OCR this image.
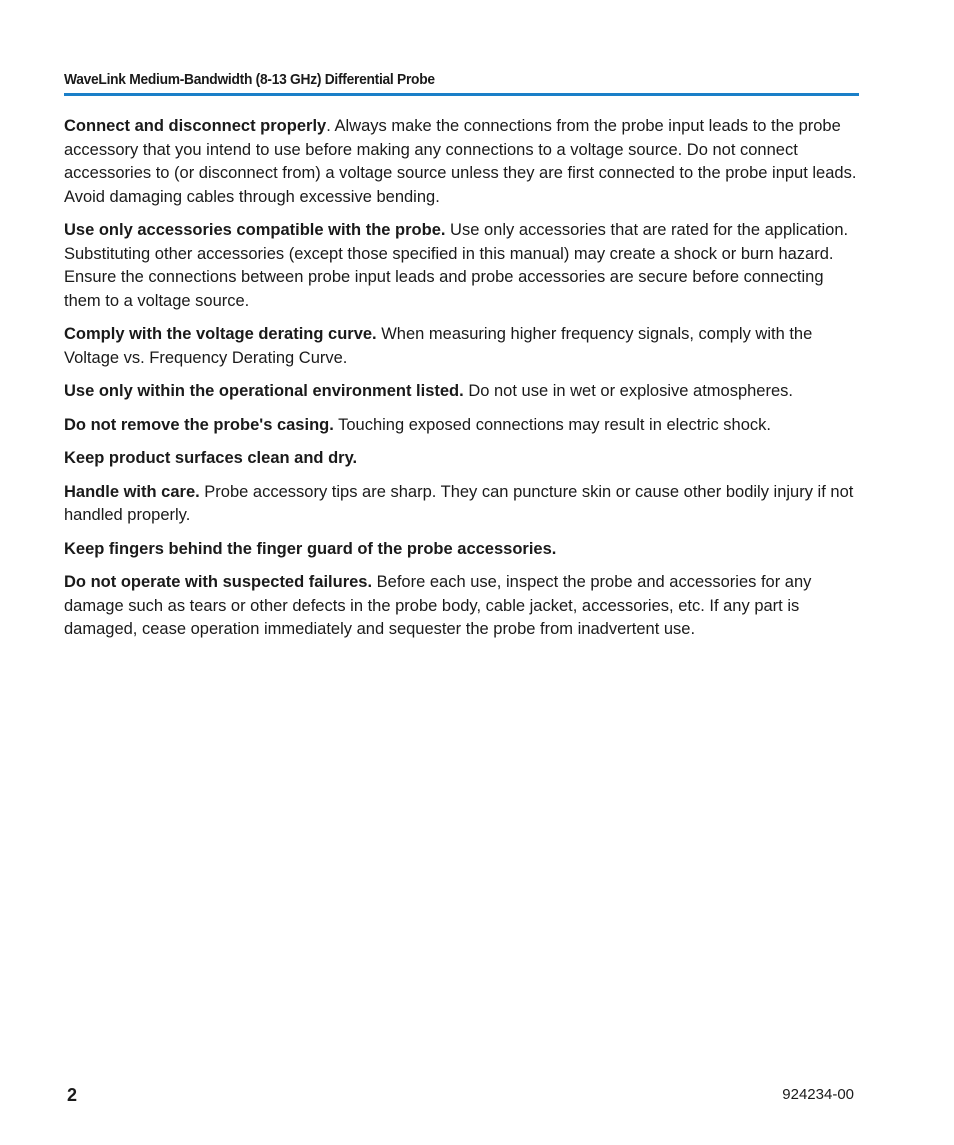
WaveLink Medium-Bandwidth (8-13 GHz) Differential Probe

Connect and disconnect properly. Always make the connections from the probe input leads to the probe accessory that you intend to use before making any connections to a voltage source. Do not connect accessories to (or disconnect from) a voltage source unless they are first connected to the probe input leads. Avoid damaging cables through excessive bending.

Use only accessories compatible with the probe. Use only accessories that are rated for the application. Substituting other accessories (except those specified in this manual) may create a shock or burn hazard. Ensure the connections between probe input leads and probe accessories are secure before connecting them to a voltage source.

Comply with the voltage derating curve. When measuring higher frequency signals, comply with the Voltage vs. Frequency Derating Curve.

Use only within the operational environment listed. Do not use in wet or explosive atmospheres.

Do not remove the probe's casing. Touching exposed connections may result in electric shock.

Keep product surfaces clean and dry.

Handle with care. Probe accessory tips are sharp. They can puncture skin or cause other bodily injury if not handled properly.

Keep fingers behind the finger guard of the probe accessories.

Do not operate with suspected failures. Before each use, inspect the probe and accessories for any damage such as tears or other defects in the probe body, cable jacket, accessories, etc. If any part is damaged, cease operation immediately and sequester the probe from inadvertent use.

2	924234-00
